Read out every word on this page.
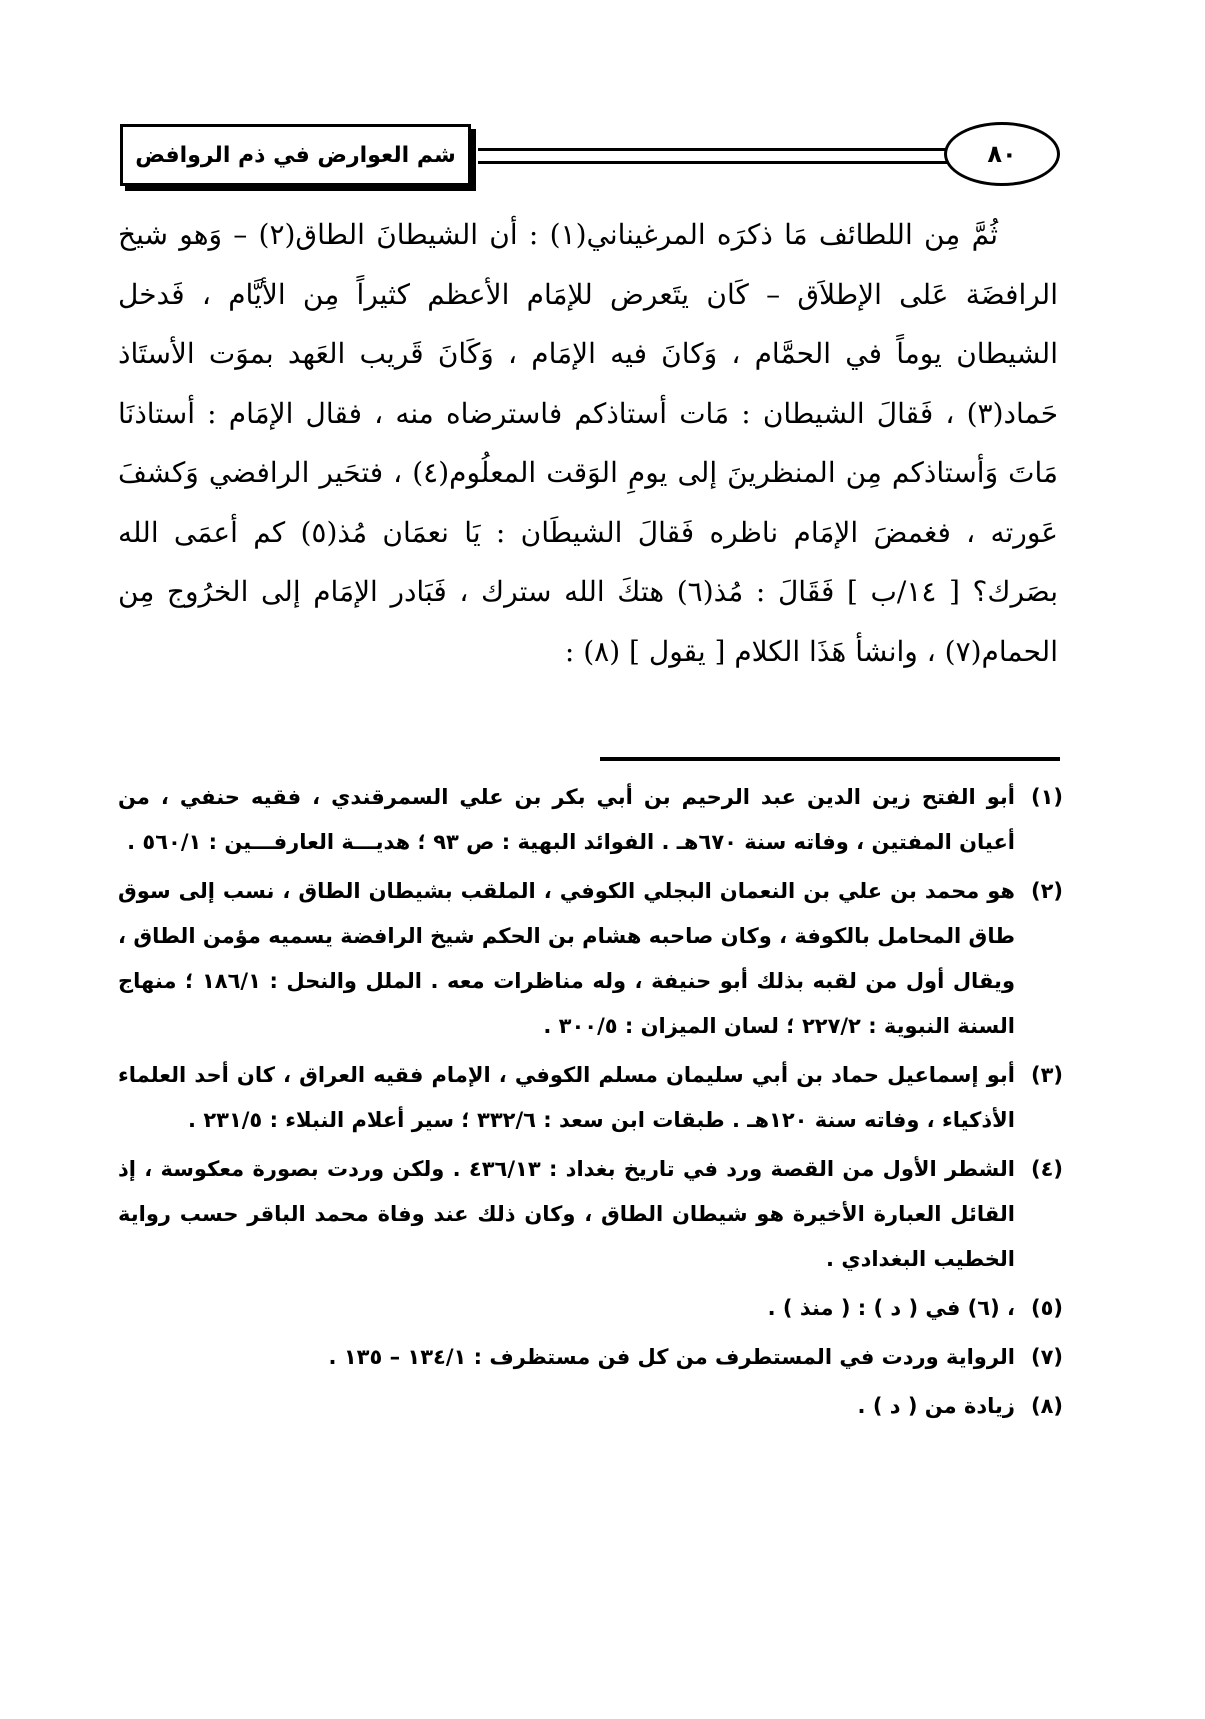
شم العوارض في ذم الروافض	٨٠

ثُمَّ مِن اللطائف مَا ذكرَه المرغيناني(١) : أن الشيطانَ الطاق(٢) – وَهو شيخ الرافضَة عَلى الإطلاَق – كَان يتَعرض للإمَام الأعظم كثيراً مِن الأيَّام ، فَدخل الشيطان يوماً في الحمَّام ، وَكانَ فيه الإمَام ، وَكَانَ قَريب العَهد بموَت الأستَاذ حَماد(٣) ، فَقالَ الشيطان : مَات أستاذكم فاسترضاه منه ، فقال الإمَام : أستاذنَا مَاتَ وَأستاذكم مِن المنظرينَ إلى يومِ الوَقت المعلُوم(٤) ، فتحَير الرافضي وَكشفَ عَورته ، فغمضَ الإمَام ناظره فَقالَ الشيطَان : يَا نعمَان مُذ(٥) كم أعمَى الله بصَرك؟ [ ١٤/ب ] فَقَالَ : مُذ(٦) هتكَ الله سترك ، فَبَادر الإمَام إلى الخرُوج مِن الحمام(٧) ، وانشأ هَذَا الكلام [ يقول ] (٨) :

(١)
أبو الفتح زين الدين عبد الرحيم بن أبي بكر بن علي السمرقندي ، فقيه حنفي ، من أعيان المفتين ، وفاته سنة ٦٧٠هـ . الفوائد البهية : ص ٩٣ ؛ هديـــة العارفـــين : ٥٦٠/١ .
(٢)
هو محمد بن علي بن النعمان البجلي الكوفي ، الملقب بشيطان الطاق ، نسب إلى سوق طاق المحامل بالكوفة ، وكان صاحبه هشام بن الحكم شيخ الرافضة يسميه مؤمن الطاق ، ويقال أول من لقبه بذلك أبو حنيفة ، وله مناظرات معه . الملل والنحل : ١٨٦/١ ؛ منهاج السنة النبوية : ٢٢٧/٢ ؛ لسان الميزان : ٣٠٠/٥ .
(٣)
أبو إسماعيل حماد بن أبي سليمان مسلم الكوفي ، الإمام فقيه العراق ، كان أحد العلماء الأذكياء ، وفاته سنة ١٢٠هـ . طبقات ابن سعد : ٣٣٢/٦ ؛ سير أعلام النبلاء : ٢٣١/٥ .
(٤)
الشطر الأول من القصة ورد في تاريخ بغداد : ٤٣٦/١٣ . ولكن وردت بصورة معكوسة ، إذ القائل العبارة الأخيرة هو شيطان الطاق ، وكان ذلك عند وفاة محمد الباقر حسب رواية الخطيب البغدادي .
(٥)
، (٦) في ( د ) : ( منذ ) .
(٧)
الرواية وردت في المستطرف من كل فن مستظرف : ١٣٤/١ – ١٣٥ .
(٨)
زيادة من ( د ) .
